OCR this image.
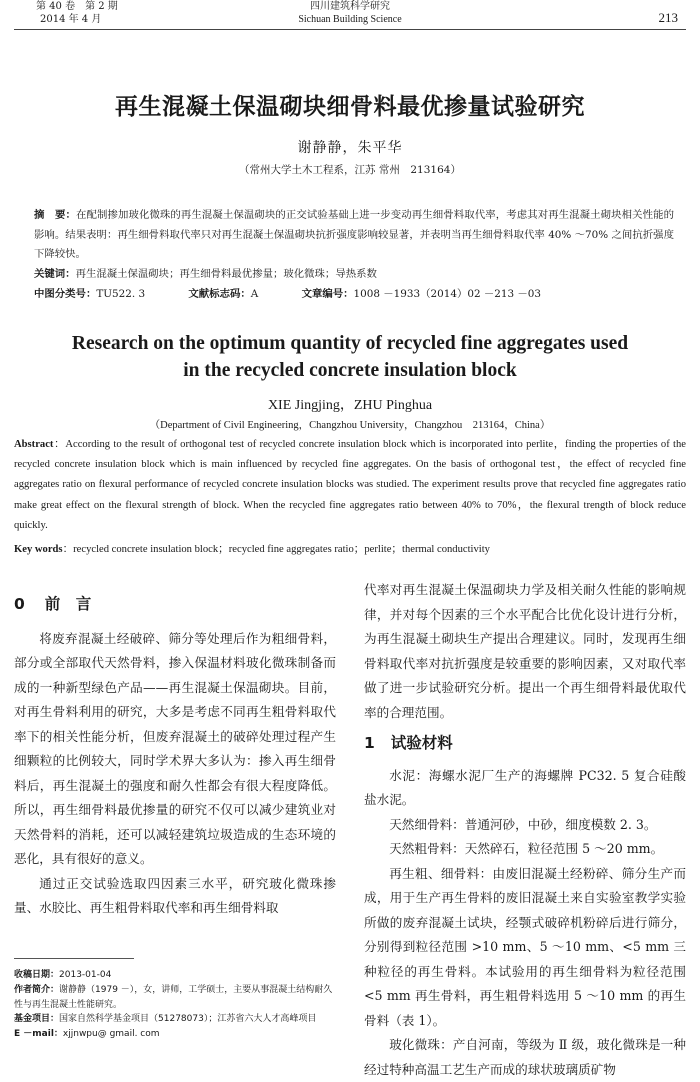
第 40 卷　第 2 期
2014 年 4 月
四川建筑科学研究
Sichuan Building Science	213
再生混凝土保温砌块细骨料最优掺量试验研究
谢静静，朱平华
（常州大学土木工程系，江苏 常州　213164）
摘　要：在配制掺加玻化微珠的再生混凝土保温砌块的正交试验基础上进一步变动再生细骨料取代率，考虑其对再生混凝土砌块相关性能的影响。结果表明：再生细骨料取代率只对再生混凝土保温砌块抗折强度影响较显著，并表明当再生细骨料取代率 40% ～70% 之间抗折强度下降较快。
关键词：再生混凝土保温砌块；再生细骨料最优掺量；玻化微珠；导热系数
中图分类号：TU522. 3	文献标志码：A	文章编号：1008 －1933（2014）02 －213 －03
Research on the optimum quantity of recycled fine aggregates used
in the recycled concrete insulation block
XIE Jingjing，ZHU Pinghua
（Department of Civil Engineering，Changzhou University，Changzhou　213164，China）
Abstract：According to the result of orthogonal test of recycled concrete insulation block which is incorporated into perlite，finding the properties of the recycled concrete insulation block which is main influenced by recycled fine aggregates. On the basis of orthogonal test，the effect of recycled fine aggregates ratio on flexural performance of recycled concrete insulation blocks was studied. The experiment results prove that recycled fine aggregates ratio make great effect on the flexural strength of block. When the recycled fine aggregates ratio between 40% to 70%，the flexural trength of block reduce quickly.
Key words：recycled concrete insulation block；recycled fine aggregates ratio；perlite；thermal conductivity
0 前　言

将废弃混凝土经破碎、筛分等处理后作为粗细骨料，部分或全部取代天然骨料，掺入保温材料玻化微珠制备而成的一种新型绿色产品——再生混凝土保温砌块。目前，对再生骨料利用的研究，大多是考虑不同再生粗骨料取代率下的相关性能分析，但废弃混凝土的破碎处理过程产生细颗粒的比例较大，同时学术界大多认为：掺入再生细骨料后，再生混凝土的强度和耐久性都会有很大程度降低。所以，再生细骨料最优掺量的研究不仅可以减少建筑业对天然骨料的消耗，还可以减轻建筑垃圾造成的生态环境的恶化，具有很好的意义。

通过正交试验选取四因素三水平，研究玻化微珠掺量、水胶比、再生粗骨料取代率和再生细骨料取

收稿日期：2013-01-04
作者简介：谢静静（1979 －），女，讲师，工学硕士，主要从事混凝土结构耐久性与再生混凝土性能研究。
基金项目：国家自然科学基金项目（51278073）；江苏省六大人才高峰项目
E －mail：xjjnwpu@ gmail. com

代率对再生混凝土保温砌块力学及相关耐久性能的影响规律，并对每个因素的三个水平配合比优化设计进行分析，为再生混凝土砌块生产提出合理建议。同时，发现再生细骨料取代率对抗折强度是较重要的影响因素，又对取代率做了进一步试验研究分析。提出一个再生细骨料最优取代率的合理范围。

1 试验材料

水泥：海螺水泥厂生产的海螺牌 PC32. 5 复合硅酸盐水泥。

天然细骨料：普通河砂，中砂，细度模数 2. 3。

天然粗骨料：天然碎石，粒径范围 5 ～20 mm。

再生粗、细骨料：由废旧混凝土经粉碎、筛分生产而成，用于生产再生骨料的废旧混凝土来自实验室教学实验所做的废弃混凝土试块，经颚式破碎机粉碎后进行筛分，分别得到粒径范围 >10 mm、5 ～10 mm、<5 mm 三种粒径的再生骨料。本试验用的再生细骨料为粒径范围 <5 mm 再生骨料，再生粗骨料选用 5 ～10 mm 的再生骨料（表 1）。

玻化微珠：产自河南，等级为 Ⅱ 级，玻化微珠是一种经过特种高温工艺生产而成的球状玻璃质矿物
